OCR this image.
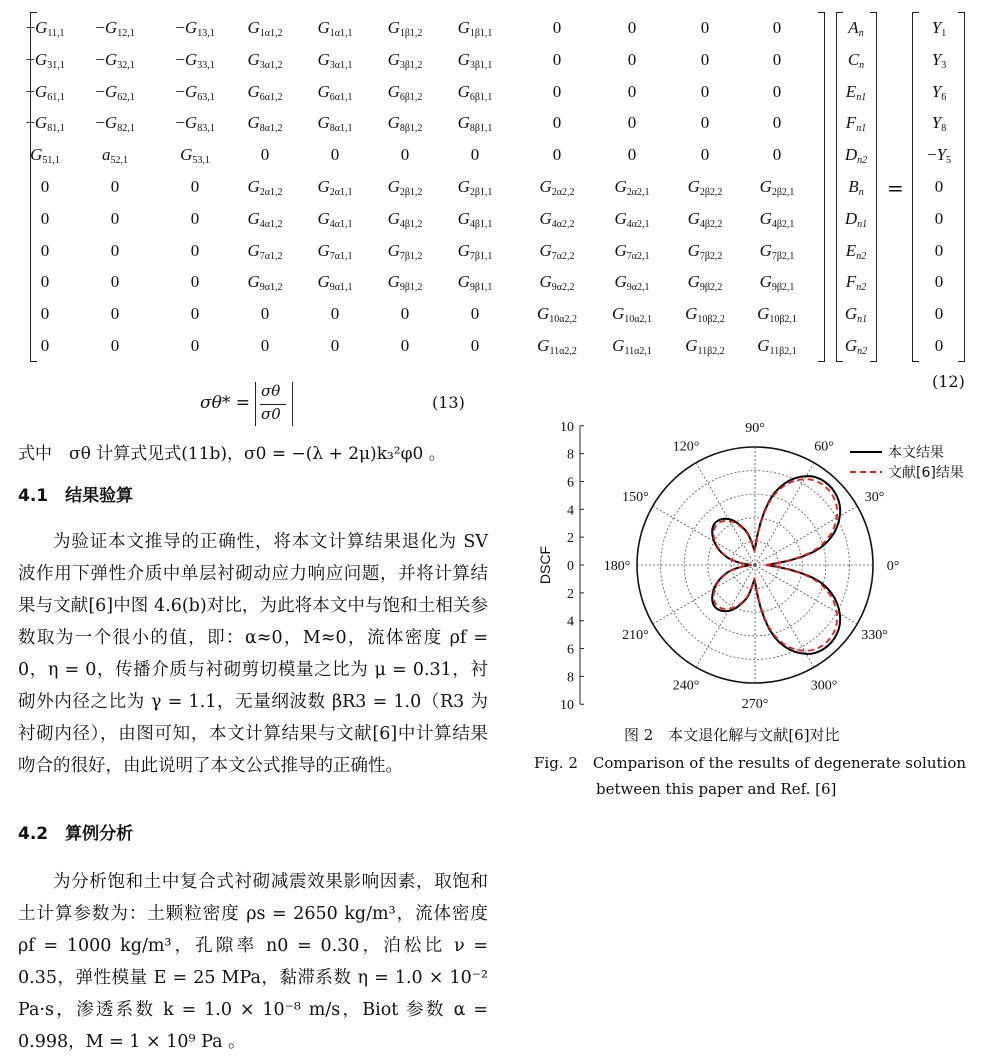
$-G_{11,1}$	$-G_{12,1}$	$-G_{13,1}$	$G_{1\alpha 1,2}$	$G_{1\alpha 1,1}$	$G_{1\beta 1,2}$	$G_{1\beta 1,1}$	0	0	0	0
$-G_{31,1}$	$-G_{32,1}$	$-G_{33,1}$	$G_{3\alpha 1,2}$	$G_{3\alpha 1,1}$	$G_{3\beta 1,2}$	$G_{3\beta 1,1}$	0	0	0	0
$-G_{61,1}$	$-G_{62,1}$	$-G_{63,1}$	$G_{6\alpha 1,2}$	$G_{6\alpha 1,1}$	$G_{6\beta 1,2}$	$G_{6\beta 1,1}$	0	0	0	0
$-G_{81,1}$	$-G_{82,1}$	$-G_{83,1}$	$G_{8\alpha 1,2}$	$G_{8\alpha 1,1}$	$G_{8\beta 1,2}$	$G_{8\beta 1,1}$	0	0	0	0
$G_{51,1}$	$a_{52,1}$	$G_{53,1}$	0	0	0	0	0	0	0	0
0	0	0	$G_{2\alpha 1,2}$	$G_{2\alpha 1,1}$	$G_{2\beta 1,2}$	$G_{2\beta 1,1}$	$G_{2\alpha 2,2}$	$G_{2\alpha 2,1}$	$G_{2\beta 2,2}$	$G_{2\beta 2,1}$
0	0	0	$G_{4\alpha 1,2}$	$G_{4\alpha 1,1}$	$G_{4\beta 1,2}$	$G_{4\beta 1,1}$	$G_{4\alpha 2,2}$	$G_{4\alpha 2,1}$	$G_{4\beta 2,2}$	$G_{4\beta 2,1}$
0	0	0	$G_{7\alpha 1,2}$	$G_{7\alpha 1,1}$	$G_{7\beta 1,2}$	$G_{7\beta 1,1}$	$G_{7\alpha 2,2}$	$G_{7\alpha 2,1}$	$G_{7\beta 2,2}$	$G_{7\beta 2,1}$
0	0	0	$G_{9\alpha 1,2}$	$G_{9\alpha 1,1}$	$G_{9\beta 1,2}$	$G_{9\beta 1,1}$	$G_{9\alpha 2,2}$	$G_{9\alpha 2,1}$	$G_{9\beta 2,2}$	$G_{9\beta 2,1}$
0	0	0	0	0	0	0	$G_{10\alpha 2,2}$	$G_{10\alpha 2,1}$	$G_{10\beta 2,2}$	$G_{10\beta 2,1}$
0	0	0	0	0	0	0	$G_{11\alpha 2,2}$	$G_{11\alpha 2,1}$	$G_{11\beta 2,2}$	$G_{11\beta 2,1}$
$A_n$
$C_n$
$E_{n1}$
$F_{n1}$
$D_{n2}$
$B_n$
$D_{n1}$
$E_{n2}$
$F_{n2}$
$G_{n1}$
$G_{n2}$
=
$Y_1$
$Y_3$
$Y_6$
$Y_8$
$-Y_5$
0
0
0
0
0
0
(12)
σθ* =
σθ
σ0
(13)
式中　σθ 计算式见式(11b)，σ0 = −(λ + 2μ)k₃²φ0 。
4.1　结果验算

为验证本文推导的正确性，将本文计算结果退化为 SV 波作用下弹性介质中单层衬砌动应力响应问题，并将计算结果与文献[6]中图 4.6(b)对比，为此将本文中与饱和土相关参数取为一个很小的值，即：α≈0，M≈0，流体密度 ρf = 0，η = 0，传播介质与衬砌剪切模量之比为 μ = 0.31，衬砌外内径之比为 γ = 1.1，无量纲波数 βR3 = 1.0（R3 为衬砌内径），由图可知，本文计算结果与文献[6]中计算结果吻合的很好，由此说明了本文公式推导的正确性。

4.2　算例分析

为分析饱和土中复合式衬砌减震效果影响因素，取饱和土计算参数为：土颗粒密度 ρs = 2650 kg/m³，流体密度 ρf = 1000 kg/m³，孔隙率 n0 = 0.30，泊松比 ν = 0.35，弹性模量 E = 25 MPa，黏滞系数 η = 1.0 × 10⁻² Pa·s，渗透系数 k = 1.0 × 10⁻⁸ m/s，Biot 参数 α = 0.998，M = 1 × 10⁹ Pa 。

0°
30°
60°
90°
120°
150°
180°
210°
240°
270°
300°
330°
10
8
6
4
2
0
2
4
6
8
10
DSCF
本文结果
文献[6]结果
图 2　本文退化解与文献[6]对比
Fig. 2　Comparison of the results of degenerate solution
between this paper and Ref. [6]
